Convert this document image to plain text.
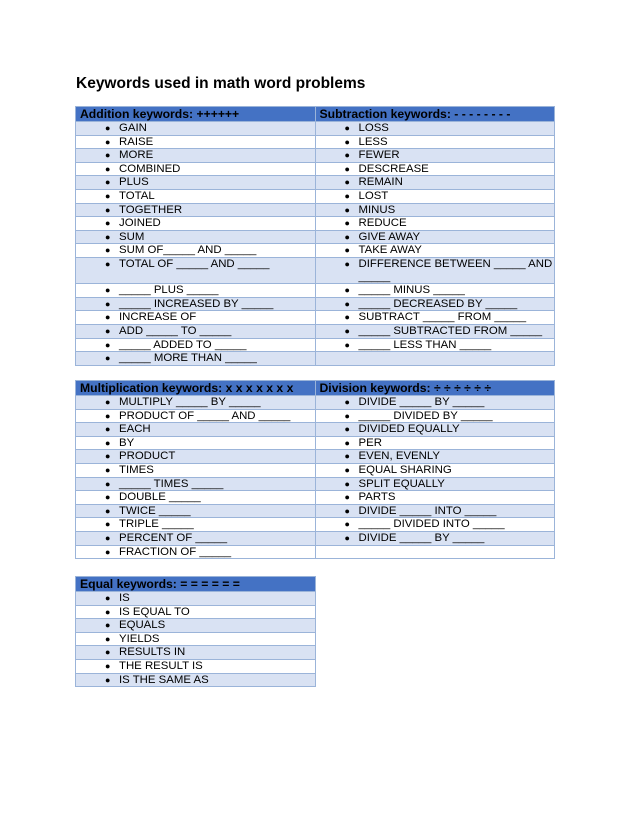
Keywords used in math word problems
Addition keywords: ++++++	Subtraction keywords: - - - - - - - -

● GAIN	● LOSS

● RAISE	● LESS

● MORE	● FEWER

● COMBINED	● DESCREASE

● PLUS	● REMAIN

● TOTAL	● LOST

● TOGETHER	● MINUS

● JOINED	● REDUCE

● SUM	● GIVE AWAY

● SUM OF_____ AND _____	● TAKE AWAY

● TOTAL OF _____ AND _____	● DIFFERENCE BETWEEN _____ AND _____

● _____ PLUS _____	● _____ MINUS _____

● _____ INCREASED BY _____	● _____ DECREASED BY _____

● INCREASE OF	● SUBTRACT _____ FROM _____

● ADD _____ TO _____	● _____ SUBTRACTED FROM _____

● _____ ADDED TO _____	● _____ LESS THAN _____

● _____ MORE THAN _____	

Multiplication keywords: x x x x x x x	Division keywords: ÷ ÷ ÷ ÷ ÷ ÷

● MULTIPLY _____ BY _____	● DIVIDE _____ BY _____

● PRODUCT OF _____ AND _____	● _____ DIVIDED BY _____

● EACH	● DIVIDED EQUALLY

● BY	● PER

● PRODUCT	● EVEN, EVENLY

● TIMES	● EQUAL SHARING

● _____ TIMES _____	● SPLIT EQUALLY

● DOUBLE _____	● PARTS

● TWICE _____	● DIVIDE _____ INTO _____

● TRIPLE _____	● _____ DIVIDED INTO _____

● PERCENT OF _____	● DIVIDE _____ BY _____

● FRACTION OF _____	

Equal keywords: = = = = = =

● IS

● IS EQUAL TO

● EQUALS

● YIELDS

● RESULTS IN

● THE RESULT IS

● IS THE SAME AS
